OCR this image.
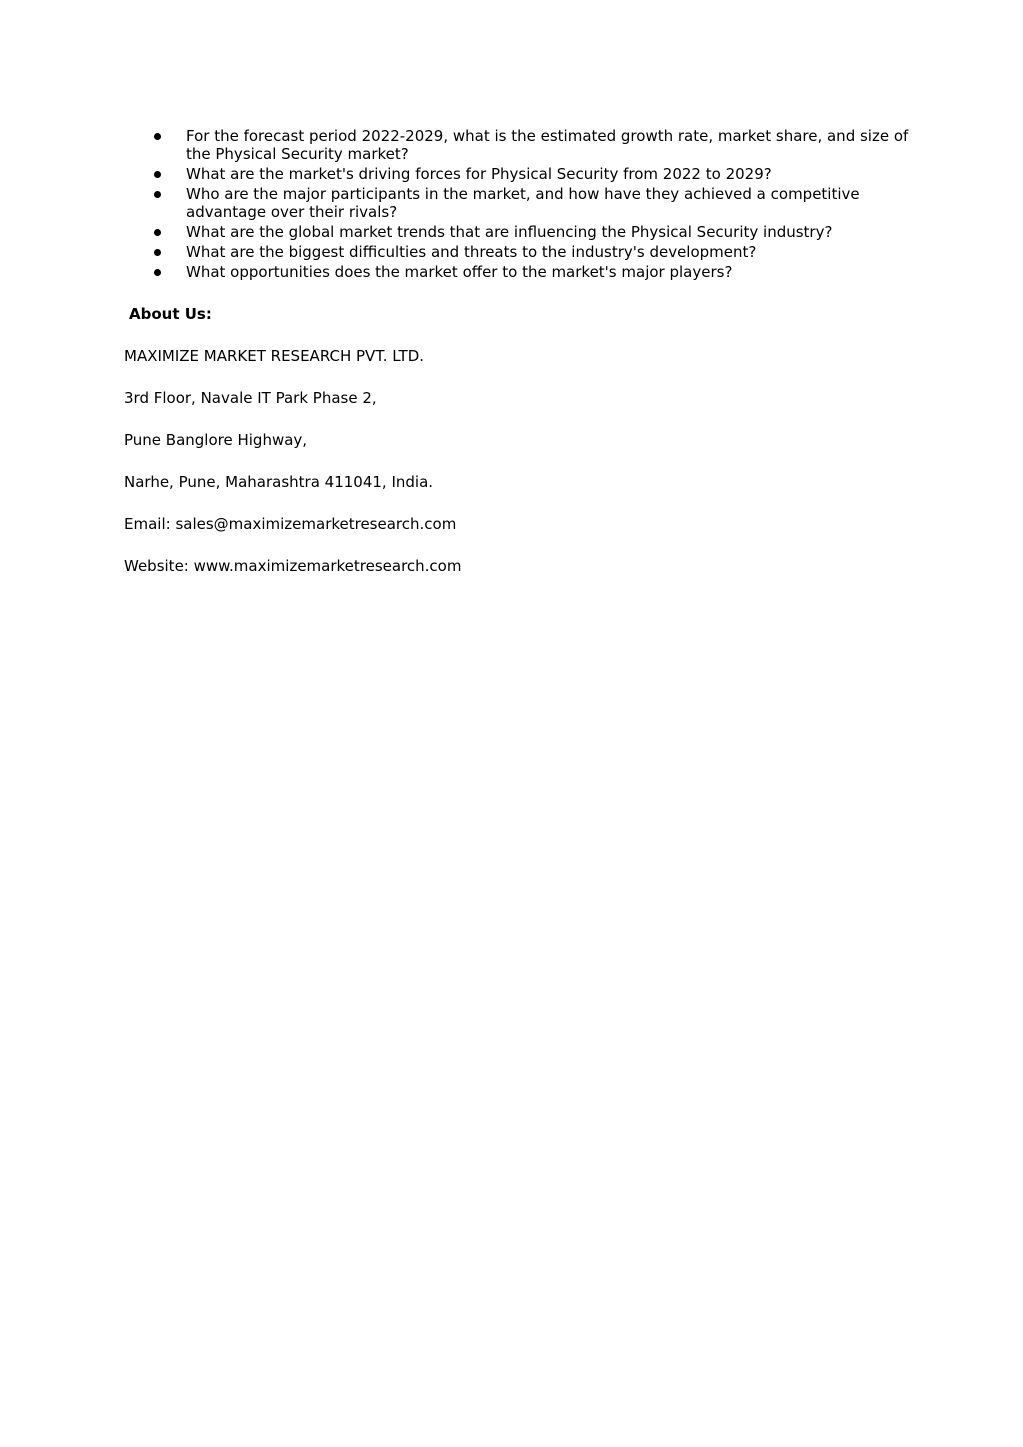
For the forecast period 2022-2029, what is the estimated growth rate, market share, and size of the Physical Security market?
What are the market's driving forces for Physical Security from 2022 to 2029?
Who are the major participants in the market, and how have they achieved a competitive advantage over their rivals?
What are the global market trends that are influencing the Physical Security industry?
What are the biggest difficulties and threats to the industry's development?
What opportunities does the market offer to the market's major players?
About Us:
MAXIMIZE MARKET RESEARCH PVT. LTD.
3rd Floor, Navale IT Park Phase 2,
Pune Banglore Highway,
Narhe, Pune, Maharashtra 411041, India.
Email: sales@maximizemarketresearch.com
Website: www.maximizemarketresearch.com
